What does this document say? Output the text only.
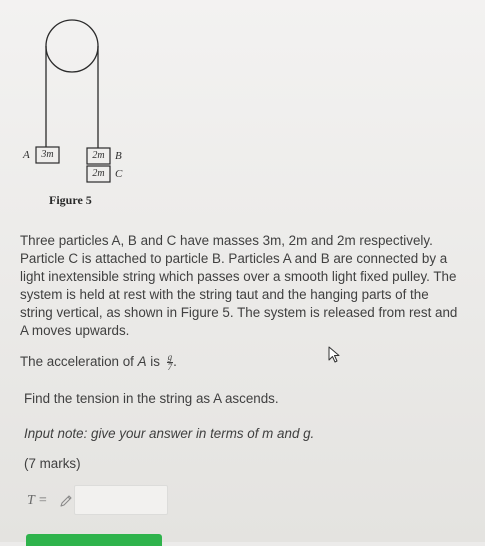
A	3m	2m B
2m C
Figure 5

Three particles A, B and C have masses 3m, 2m and 2m respectively. Particle C is attached to particle B. Particles A and B are connected by a light inextensible string which passes over a smooth light fixed pulley. The system is held at rest with the string taut and the hanging parts of the string vertical, as shown in Figure 5. The system is released from rest and A moves upwards.

The acceleration of A is $\frac{g}{7}$ .
Find the tension in the string as A ascends.
Input note: give your answer in terms of m and g.
(7 marks)
T =
